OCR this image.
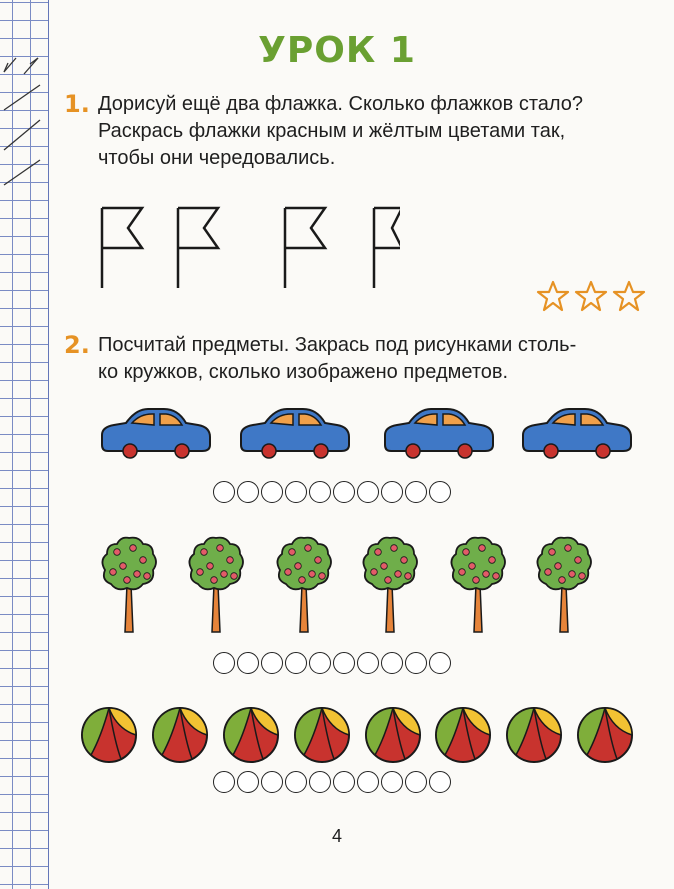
УРОК 1
1. Дорисуй ещё два флажка. Сколько флажков стало?
Раскрась флажки красным и жёлтым цветами так,
чтобы они чередовались.
2. Посчитай предметы. Закрась под рисунками столь-
ко кружков, сколько изображено предметов.
4
